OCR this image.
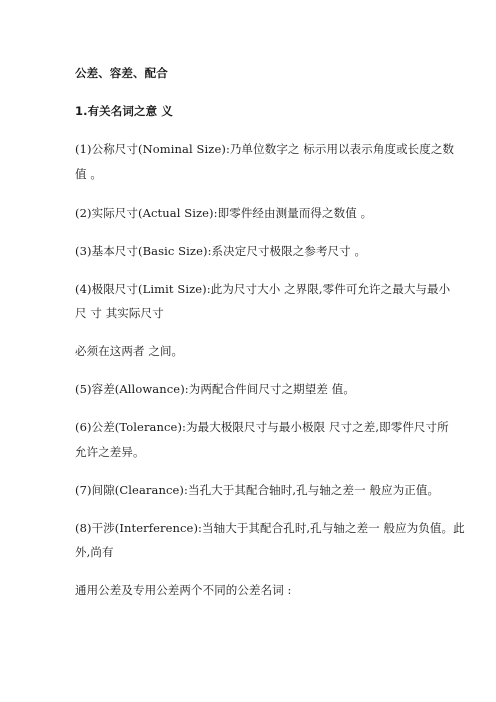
公差、容差、配合
1.有关名词之意 义
(1)公称尺寸(Nominal Size):乃单位数字之 标示用以表示角度或长度之数
值 。
(2)实际尺寸(Actual Size):即零件经由测量而得之数值 。
(3)基本尺寸(Basic Size):系决定尺寸极限之参考尺寸 。
(4)极限尺寸(Limit Size):此为尺寸大小 之界限,零件可允许之最大与最小
尺 寸 其实际尺寸
必须在这两者 之间。
(5)容差(Allowance):为两配合件间尺寸之期望差 值。
(6)公差(Tolerance):为最大极限尺寸与最小极限 尺寸之差,即零件尺寸所
允许之差异。
(7)间隙(Clearance):当孔大于其配合轴时,孔与轴之差一 般应为正值。
(8)干涉(Interference):当轴大于其配合孔时,孔与轴之差一 般应为负值。此
外,尚有
通用公差及专用公差两个不同的公差名词 :
